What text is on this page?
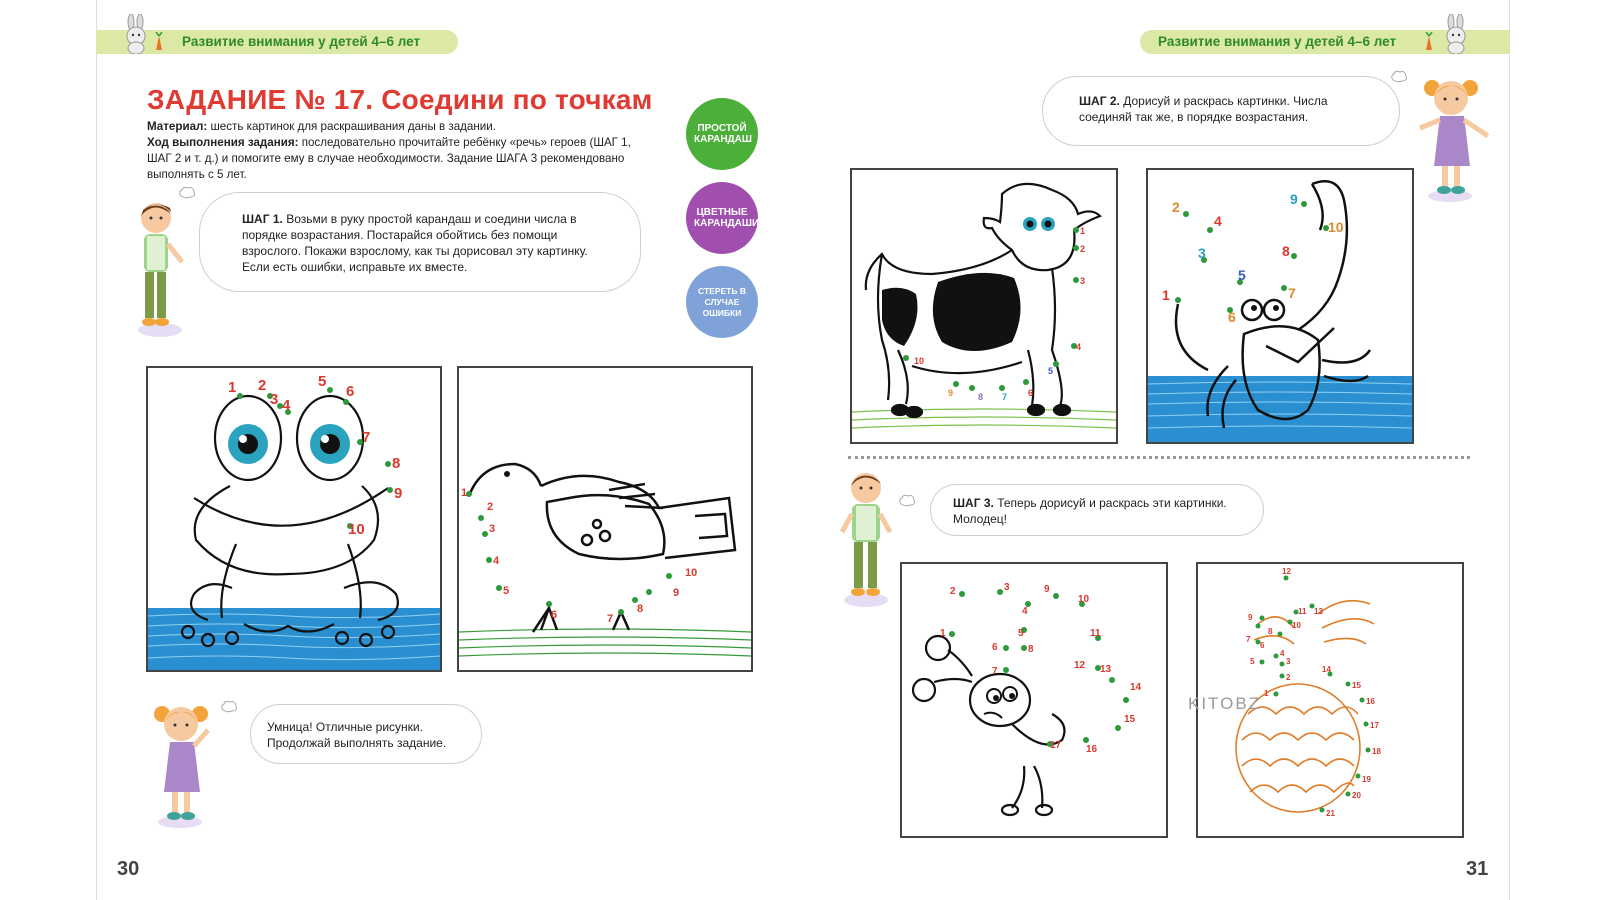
Развитие внимания у детей 4–6 лет	Развитие внимания у детей 4–6 лет
ЗАДАНИЕ № 17. Соедини по точкам
Материал: шесть картинок для раскрашивания даны в задании.
Ход выполнения задания: последовательно прочитайте ребёнку «речь» героев (ШАГ 1, ШАГ 2 и т. д.) и помогите ему в случае необходимости. Задание ШАГА 3 рекомендовано выполнять с 5 лет.
ПРОСТОЙ КАРАНДАШ
ЦВЕТНЫЕ КАРАНДАШИ
СТЕРЕТЬ В СЛУЧАЕ ОШИБКИ
ШАГ 1. Возьми в руку простой карандаш и соедини числа в порядке возрастания. Постарайся обойтись без помощи взрослого. Покажи взрослому, как ты дорисовал эту картинку. Если есть ошибки, исправьте их вместе.
1 2
3 4
5
6
7
8
9
10
1
2
3
4
5
6	7
8
9
10
Умница! Отличные рисунки. Продолжай выполнять задание.
30
ШАГ 2. Дорисуй и раскрась картинки. Числа соединяй так же, в порядке возрастания.
1
2
3
4
5
6
7
8
9
10
1
2
3
4
5
6
7
8
9
10
ШАГ 3. Теперь дорисуй и раскрась эти картинки. Молодец!
1
2	3
4
5
6
7
8
9
10
11
12 13
14
15
16
17
1
2
3
4
5
6
7
8
9
10
11
12
13
14
15
16
17
18
19
20
21
KITOBZ
31
